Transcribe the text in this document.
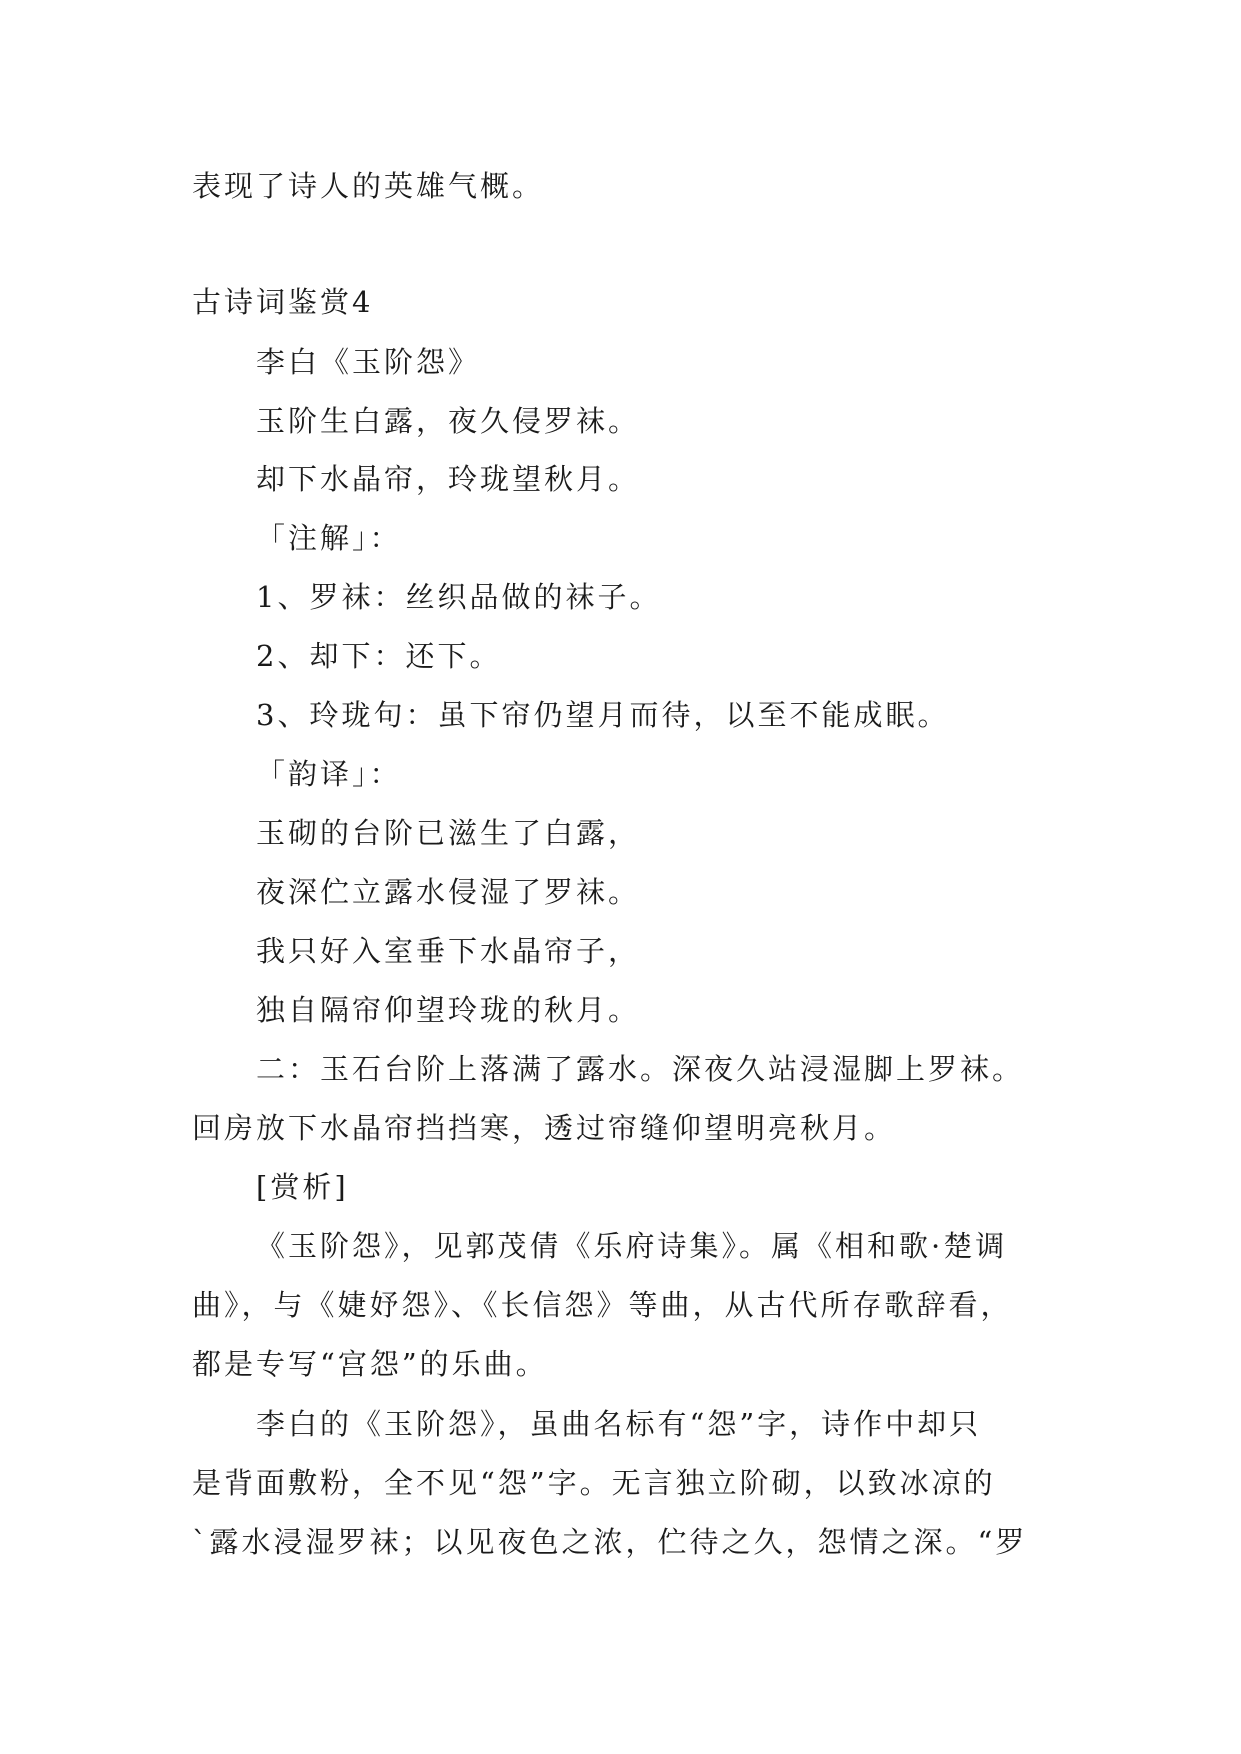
表现了诗人的英雄气概。
古诗词鉴赏4
李白《玉阶怨》
玉阶生白露，夜久侵罗袜。
却下水晶帘，玲珑望秋月。
「注解」：
1、罗袜：丝织品做的袜子。
2、却下：还下。
3、玲珑句：虽下帘仍望月而待，以至不能成眠。
「韵译」：
玉砌的台阶已滋生了白露，
夜深伫立露水侵湿了罗袜。
我只好入室垂下水晶帘子，
独自隔帘仰望玲珑的秋月。
二：玉石台阶上落满了露水。深夜久站浸湿脚上罗袜。
回房放下水晶帘挡挡寒，透过帘缝仰望明亮秋月。
[赏析]
《玉阶怨》，见郭茂倩《乐府诗集》。属《相和歌·楚调
曲》，与《婕妤怨》、《长信怨》等曲，从古代所存歌辞看，
都是专写“宫怨”的乐曲。
李白的《玉阶怨》，虽曲名标有“怨”字，诗作中却只
是背面敷粉，全不见“怨”字。无言独立阶砌，以致冰凉的
`露水浸湿罗袜；以见夜色之浓，伫待之久，怨情之深。“罗
